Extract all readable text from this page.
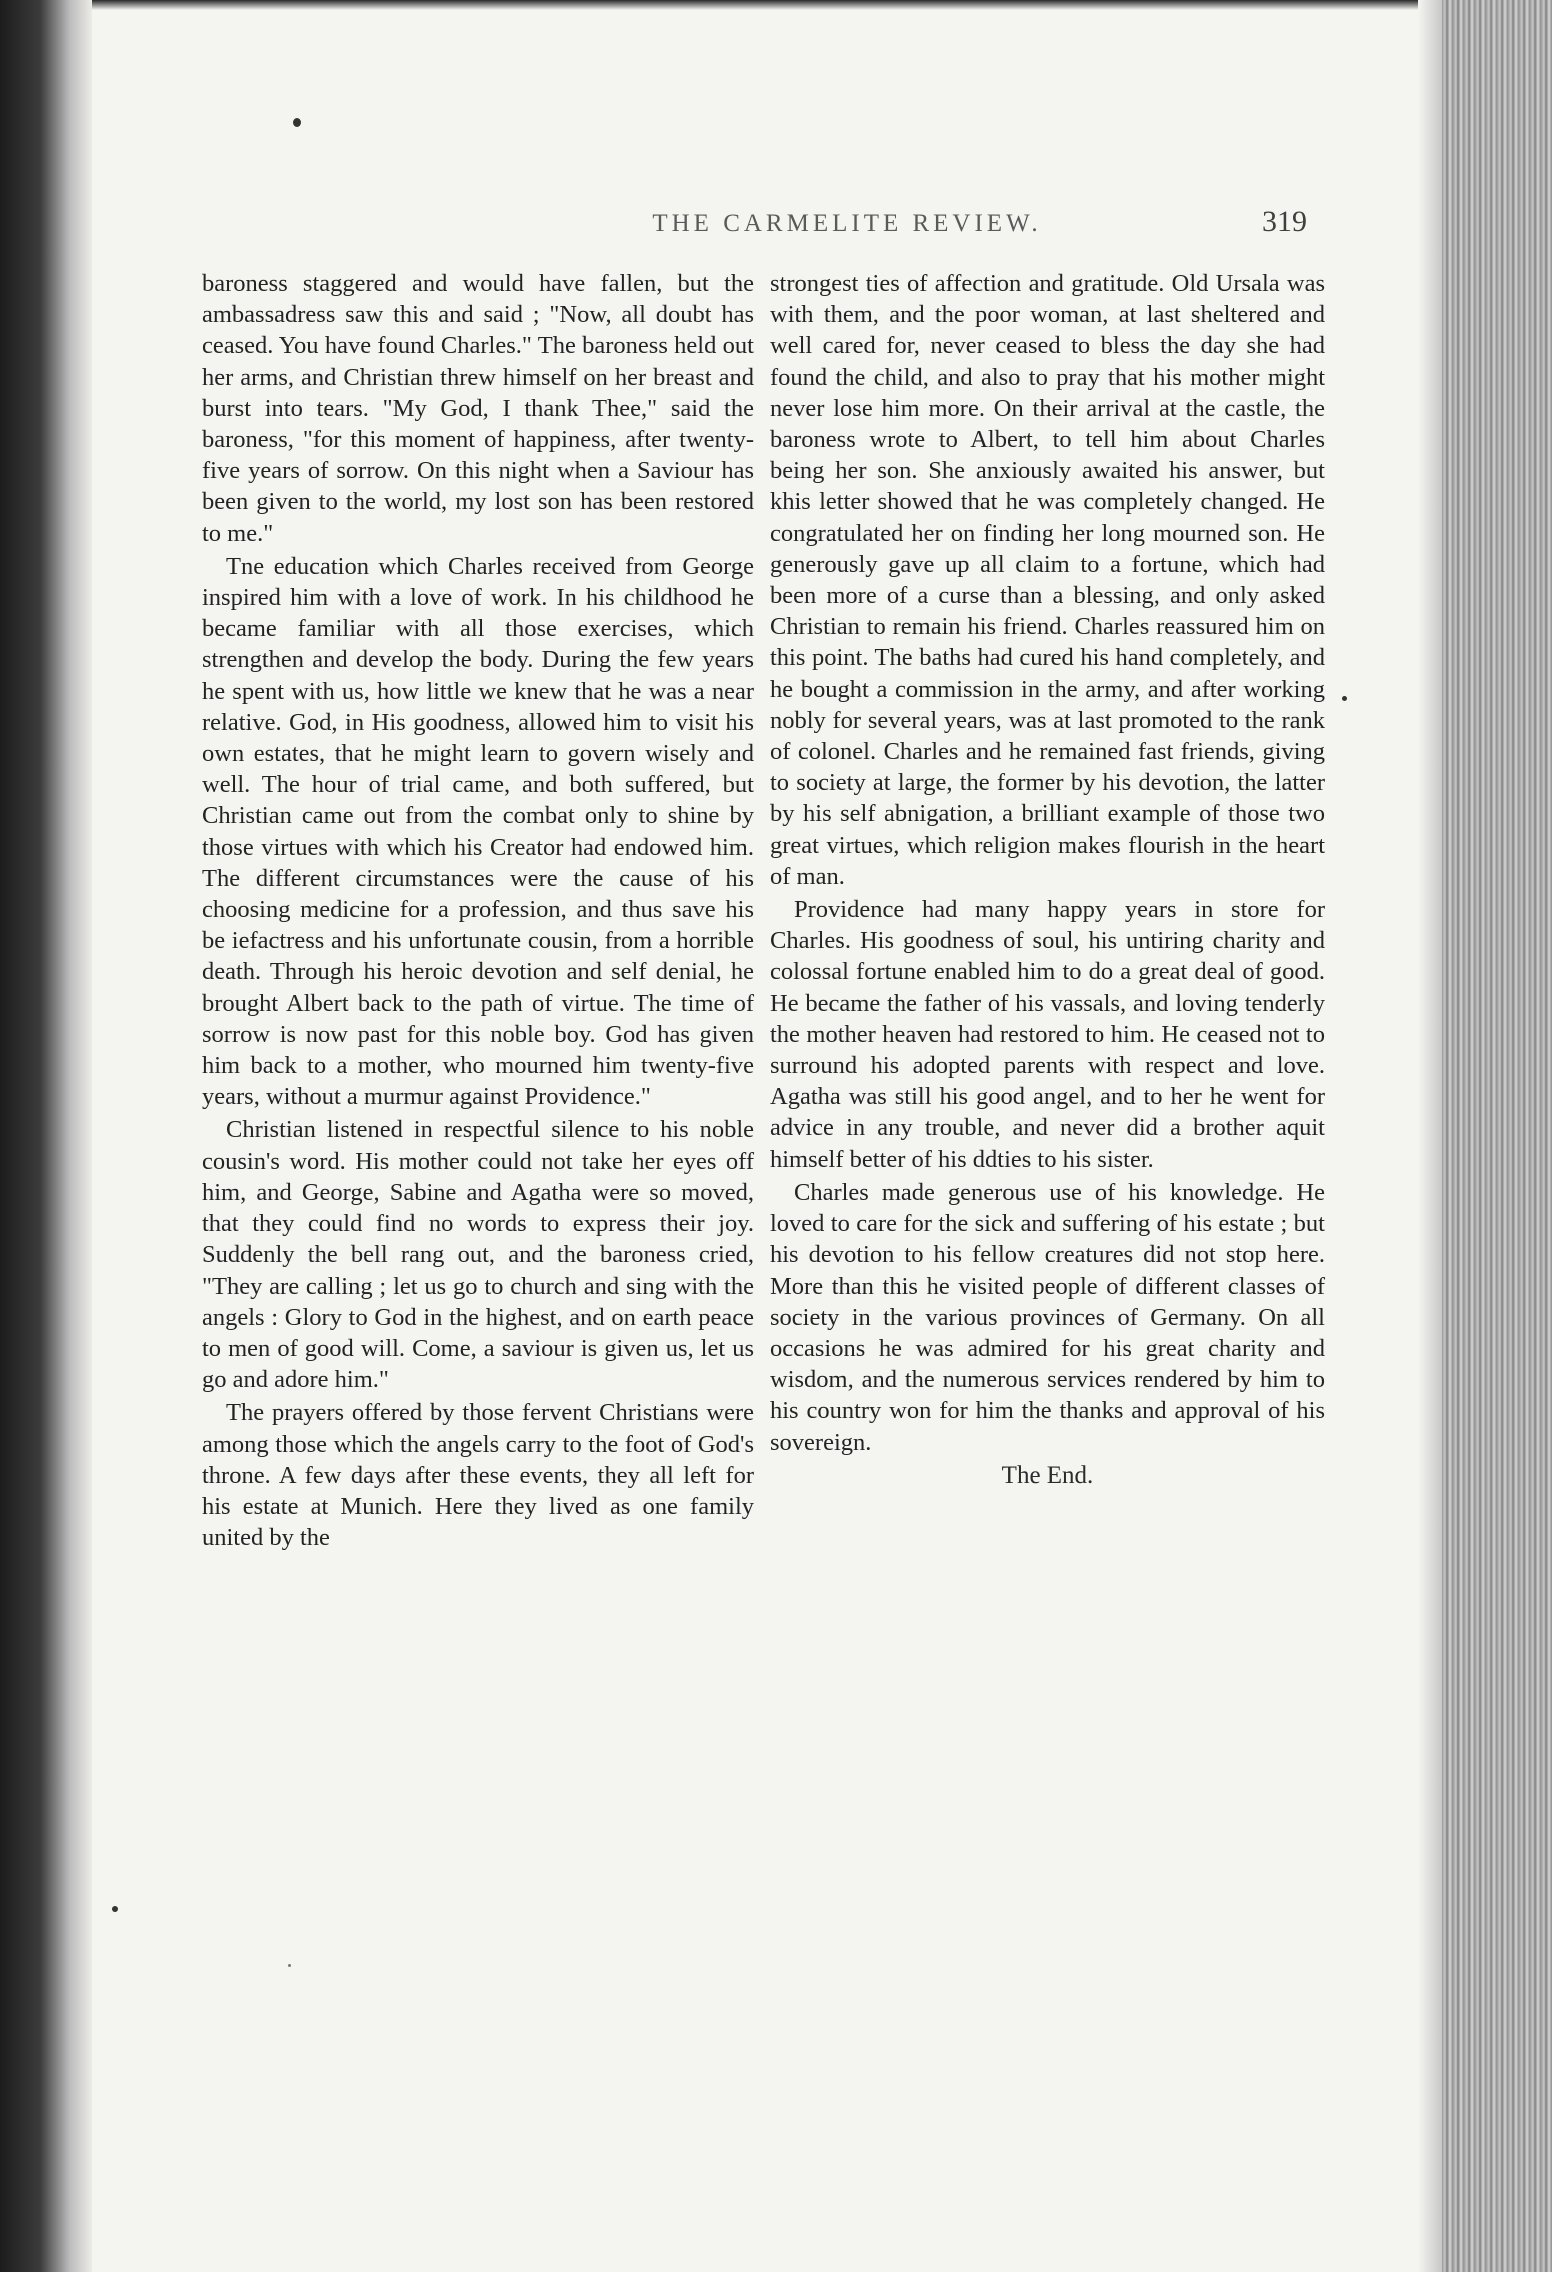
THE CARMELITE REVIEW.	319

baroness staggered and would have fallen, but the ambassadress saw this and said ; "Now, all doubt has ceased. You have found Charles." The baroness held out her arms, and Christian threw himself on her breast and burst into tears. "My God, I thank Thee," said the baroness, "for this moment of happiness, after twenty-five years of sorrow. On this night when a Saviour has been given to the world, my lost son has been restored to me."

Tne education which Charles received from George inspired him with a love of work. In his childhood he became familiar with all those exercises, which strengthen and develop the body. During the few years he spent with us, how little we knew that he was a near relative. God, in His goodness, allowed him to visit his own estates, that he might learn to govern wisely and well. The hour of trial came, and both suffered, but Christian came out from the combat only to shine by those virtues with which his Creator had endowed him. The different circumstances were the cause of his choosing medicine for a profession, and thus save his be iefactress and his unfortunate cousin, from a horrible death. Through his heroic devotion and self denial, he brought Albert back to the path of virtue. The time of sorrow is now past for this noble boy. God has given him back to a mother, who mourned him twenty-five years, without a murmur against Providence."

Christian listened in respectful silence to his noble cousin's word. His mother could not take her eyes off him, and George, Sabine and Agatha were so moved, that they could find no words to express their joy. Suddenly the bell rang out, and the baroness cried, "They are calling ; let us go to church and sing with the angels : Glory to God in the highest, and on earth peace to men of good will. Come, a saviour is given us, let us go and adore him."

The prayers offered by those fervent Christians were among those which the angels carry to the foot of God's throne. A few days after these events, they all left for his estate at Munich. Here they lived as one family united by the

strongest ties of affection and gratitude. Old Ursala was with them, and the poor woman, at last sheltered and well cared for, never ceased to bless the day she had found the child, and also to pray that his mother might never lose him more. On their arrival at the castle, the baroness wrote to Albert, to tell him about Charles being her son. She anxiously awaited his answer, but khis letter showed that he was completely changed. He congratulated her on finding her long mourned son. He generously gave up all claim to a fortune, which had been more of a curse than a blessing, and only asked Christian to remain his friend. Charles reassured him on this point. The baths had cured his hand completely, and he bought a commission in the army, and after working nobly for several years, was at last promoted to the rank of colonel. Charles and he remained fast friends, giving to society at large, the former by his devotion, the latter by his self abnigation, a brilliant example of those two great virtues, which religion makes flourish in the heart of man.

Providence had many happy years in store for Charles. His goodness of soul, his untiring charity and colossal fortune enabled him to do a great deal of good. He became the father of his vassals, and loving tenderly the mother heaven had restored to him. He ceased not to surround his adopted parents with respect and love. Agatha was still his good angel, and to her he went for advice in any trouble, and never did a brother aquit himself better of his ddties to his sister.

Charles made generous use of his knowledge. He loved to care for the sick and suffering of his estate ; but his devotion to his fellow creatures did not stop here. More than this he visited people of different classes of society in the various provinces of Germany. On all occasions he was admired for his great charity and wisdom, and the numerous services rendered by him to his country won for him the thanks and approval of his sovereign.

The End.
